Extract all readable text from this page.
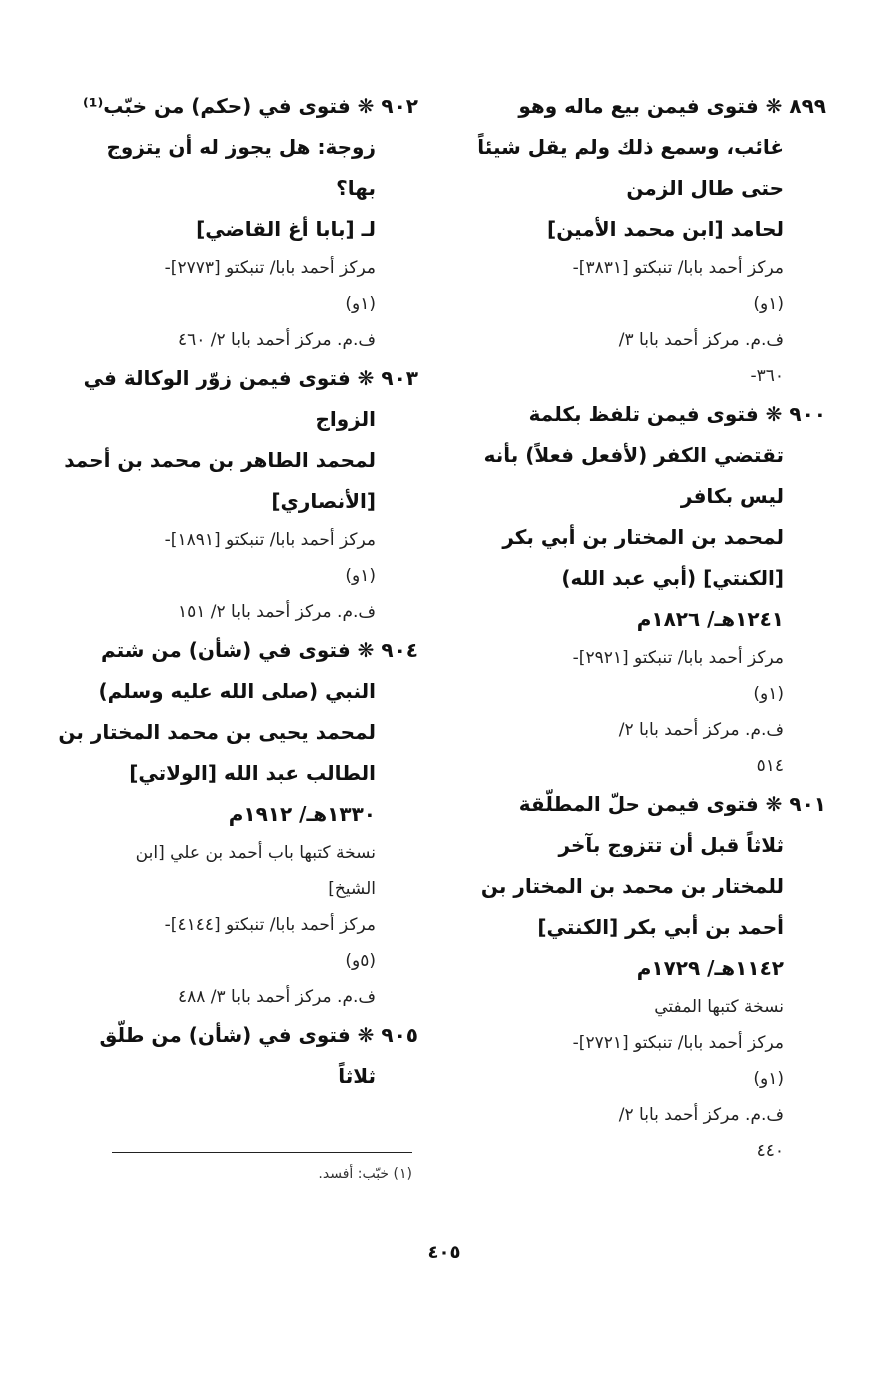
٨٩٩ ❋ فتوى فيمن بيع ماله وهو
غائب، وسمع ذلك ولم يقل شيئاً
حتى طال الزمن
لحامد [ابن محمد الأمين]
مركز أحمد بابا/ تنبكتو [٣٨٣١]-
(١و)
ف.م. مركز أحمد بابا ٣/
٣٦٠-
٩٠٠ ❋ فتوى فيمن تلفظ بكلمة
تقتضي الكفر (لأفعل فعلاً) بأنه
ليس بكافر
لمحمد بن المختار بن أبي بكر
[الكنتي] (أبي عبد الله)
١٢٤١هـ/ ١٨٢٦م
مركز أحمد بابا/ تنبكتو [٢٩٢١]-
(١و)
ف.م. مركز أحمد بابا ٢/
٥١٤
٩٠١ ❋ فتوى فيمن حلّ المطلّقة
ثلاثاً قبل أن تتزوج بآخر
للمختار بن محمد بن المختار بن
أحمد بن أبي بكر [الكنتي]
١١٤٢هـ/ ١٧٢٩م
نسخة كتبها المفتي
مركز أحمد بابا/ تنبكتو [٢٧٢١]-
(١و)
ف.م. مركز أحمد بابا ٢/
٤٤٠
٩٠٢ ❋ فتوى في (حكم) من خبّب⁽¹⁾
زوجة: هل يجوز له أن يتزوج
بها؟
لـ [بابا أغ القاضي]
مركز أحمد بابا/ تنبكتو [٢٧٧٣]-
(١و)
ف.م. مركز أحمد بابا ٢/ ٤٦٠
٩٠٣ ❋ فتوى فيمن زوّر الوكالة في
الزواج
لمحمد الطاهر بن محمد بن أحمد
[الأنصاري]
مركز أحمد بابا/ تنبكتو [١٨٩١]-
(١و)
ف.م. مركز أحمد بابا ٢/ ١٥١
٩٠٤ ❋ فتوى في (شأن) من شتم
النبي (صلى الله عليه وسلم)
لمحمد يحيى بن محمد المختار بن
الطالب عبد الله [الولاتي]
١٣٣٠هـ/ ١٩١٢م
نسخة كتبها باب أحمد بن علي [ابن
الشيخ]
مركز أحمد بابا/ تنبكتو [٤١٤٤]-
(٥و)
ف.م. مركز أحمد بابا ٣/ ٤٨٨
٩٠٥ ❋ فتوى في (شأن) من طلّق
ثلاثاً
(١) خبّب: أفسد.
٤٠٥
